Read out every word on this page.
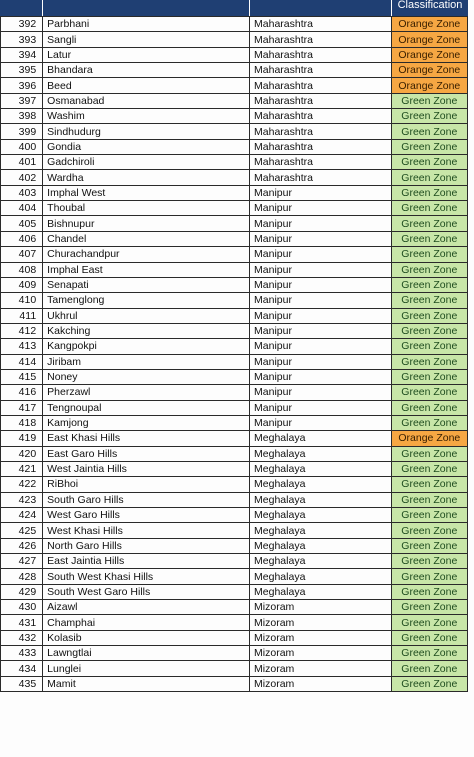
Classification
392	Parbhani	Maharashtra	Orange Zone
393	Sangli	Maharashtra	Orange Zone
394	Latur	Maharashtra	Orange Zone
395	Bhandara	Maharashtra	Orange Zone
396	Beed	Maharashtra	Orange Zone
397	Osmanabad	Maharashtra	Green Zone
398	Washim	Maharashtra	Green Zone
399	Sindhudurg	Maharashtra	Green Zone
400	Gondia	Maharashtra	Green Zone
401	Gadchiroli	Maharashtra	Green Zone
402	Wardha	Maharashtra	Green Zone
403	Imphal West	Manipur	Green Zone
404	Thoubal	Manipur	Green Zone
405	Bishnupur	Manipur	Green Zone
406	Chandel	Manipur	Green Zone
407	Churachandpur	Manipur	Green Zone
408	Imphal East	Manipur	Green Zone
409	Senapati	Manipur	Green Zone
410	Tamenglong	Manipur	Green Zone
411	Ukhrul	Manipur	Green Zone
412	Kakching	Manipur	Green Zone
413	Kangpokpi	Manipur	Green Zone
414	Jiribam	Manipur	Green Zone
415	Noney	Manipur	Green Zone
416	Pherzawl	Manipur	Green Zone
417	Tengnoupal	Manipur	Green Zone
418	Kamjong	Manipur	Green Zone
419	East Khasi Hills	Meghalaya	Orange Zone
420	East Garo Hills	Meghalaya	Green Zone
421	West Jaintia Hills	Meghalaya	Green Zone
422	RiBhoi	Meghalaya	Green Zone
423	South Garo Hills	Meghalaya	Green Zone
424	West Garo Hills	Meghalaya	Green Zone
425	West Khasi Hills	Meghalaya	Green Zone
426	North Garo Hills	Meghalaya	Green Zone
427	East Jaintia Hills	Meghalaya	Green Zone
428	South West Khasi Hills	Meghalaya	Green Zone
429	South West Garo Hills	Meghalaya	Green Zone
430	Aizawl	Mizoram	Green Zone
431	Champhai	Mizoram	Green Zone
432	Kolasib	Mizoram	Green Zone
433	Lawngtlai	Mizoram	Green Zone
434	Lunglei	Mizoram	Green Zone
435	Mamit	Mizoram	Green Zone
